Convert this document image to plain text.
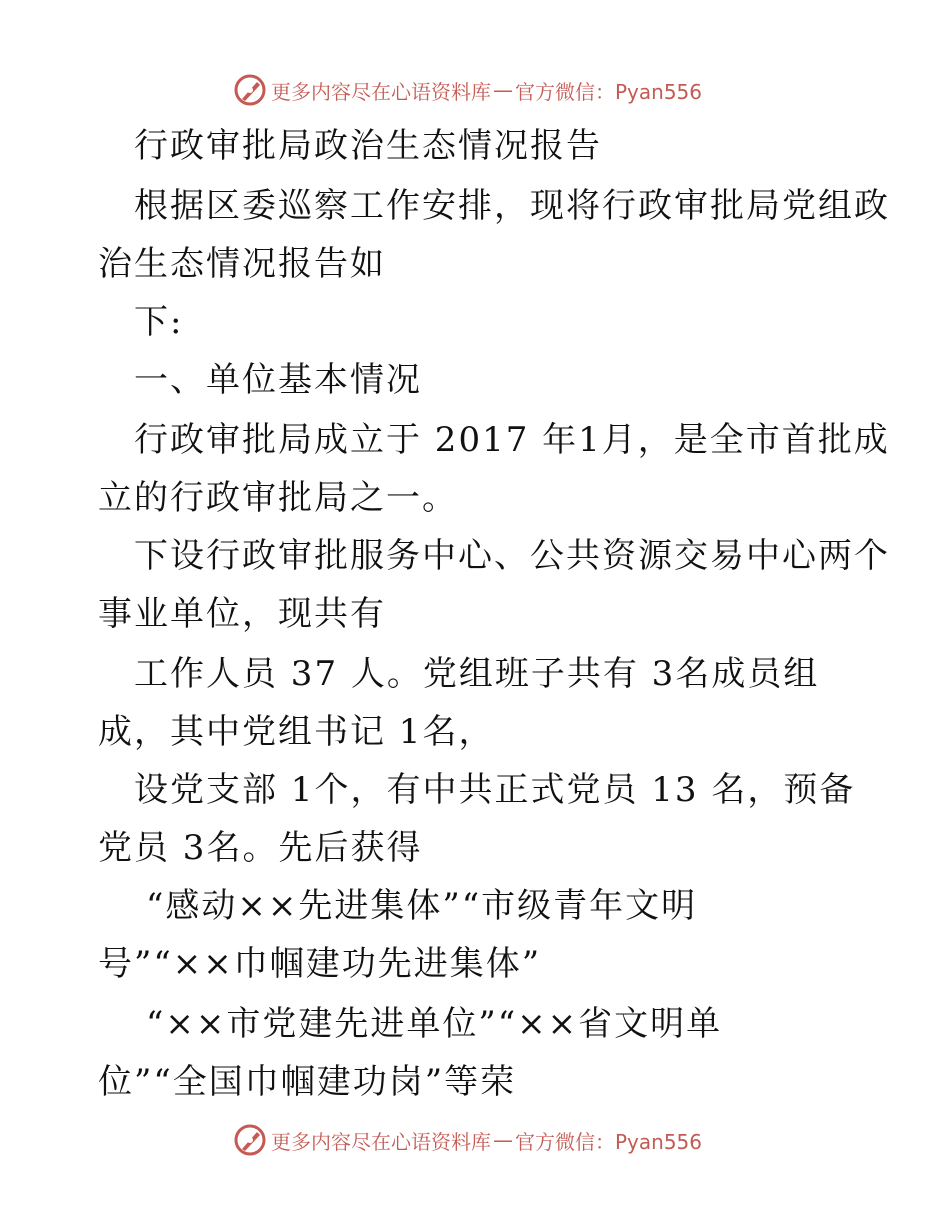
更多内容尽在心语资料库 — 官方微信：Pyan556
行政审批局政治生态情况报告
根据区委巡察工作安排，现将行政审批局党组政
治生态情况报告如
下:
一、单位基本情况
行政审批局成立于 2017 年1月，是全市首批成
立的行政审批局之一。
下设行政审批服务中心、公共资源交易中心两个
事业单位，现共有
工作人员 37 人。党组班子共有 3名成员组
成，其中党组书记 1名，
设党支部 1个，有中共正式党员 13 名，预备
党员 3名。先后获得
“感动××先进集体”“市级青年文明
号”“××巾帼建功先进集体”
“××市党建先进单位”“××省文明单
位”“全国巾帼建功岗”等荣
更多内容尽在心语资料库 — 官方微信：Pyan556
